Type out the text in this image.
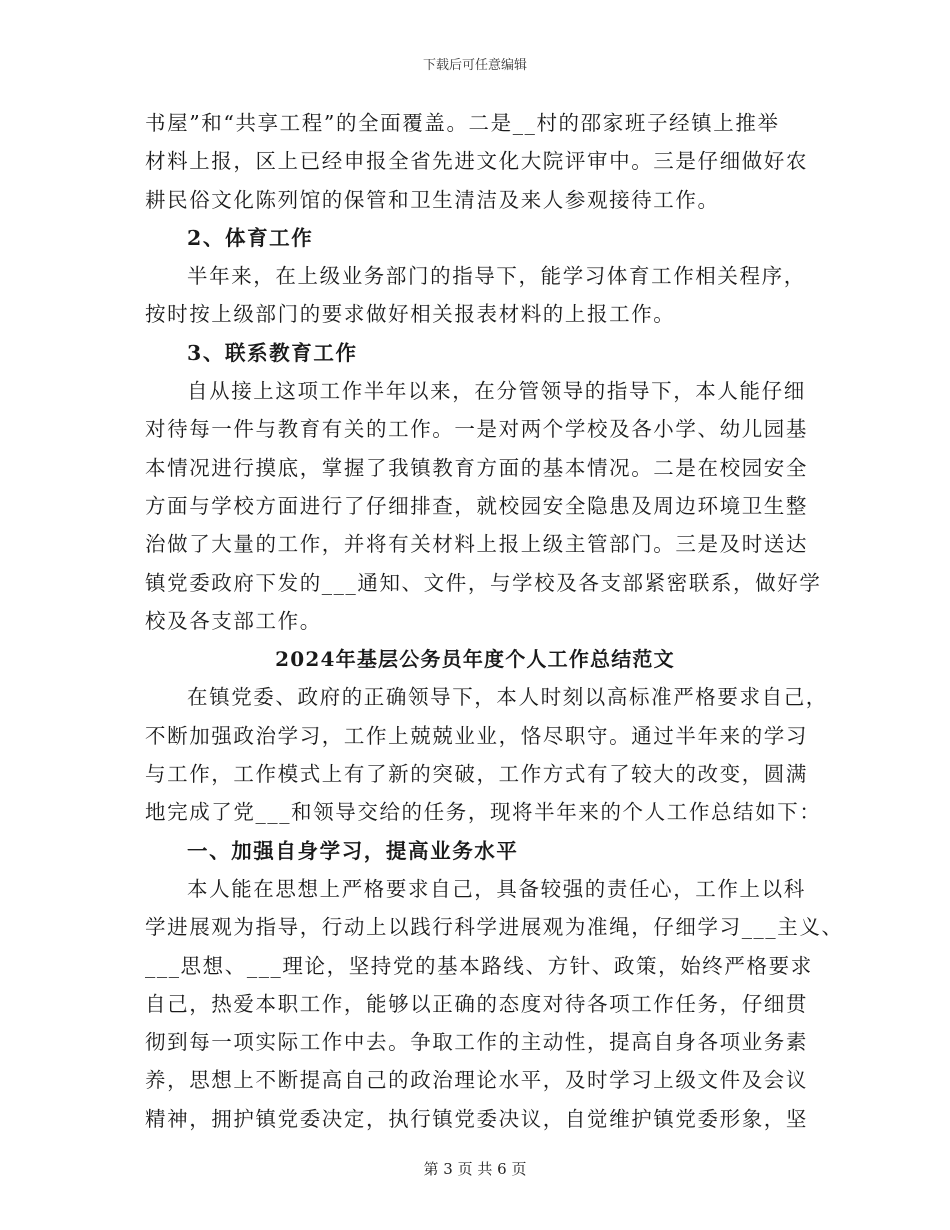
下载后可任意编辑
书屋”和“共享工程”的全面覆盖。二是__村的邵家班子经镇上推举
材料上报，区上已经申报全省先进文化大院评审中。三是仔细做好农
耕民俗文化陈列馆的保管和卫生清洁及来人参观接待工作。
2、体育工作
半年来，在上级业务部门的指导下，能学习体育工作相关程序，
按时按上级部门的要求做好相关报表材料的上报工作。
3、联系教育工作
自从接上这项工作半年以来，在分管领导的指导下，本人能仔细
对待每一件与教育有关的工作。一是对两个学校及各小学、幼儿园基
本情况进行摸底，掌握了我镇教育方面的基本情况。二是在校园安全
方面与学校方面进行了仔细排查，就校园安全隐患及周边环境卫生整
治做了大量的工作，并将有关材料上报上级主管部门。三是及时送达
镇党委政府下发的___通知、文件，与学校及各支部紧密联系，做好学
校及各支部工作。
2024年基层公务员年度个人工作总结范文
在镇党委、政府的正确领导下，本人时刻以高标准严格要求自己，
不断加强政治学习，工作上兢兢业业，恪尽职守。通过半年来的学习
与工作，工作模式上有了新的突破，工作方式有了较大的改变，圆满
地完成了党___和领导交给的任务，现将半年来的个人工作总结如下：
一、加强自身学习，提高业务水平
本人能在思想上严格要求自己，具备较强的责任心，工作上以科
学进展观为指导，行动上以践行科学进展观为准绳，仔细学习___主义、
___思想、___理论，坚持党的基本路线、方针、政策，始终严格要求
自己，热爱本职工作，能够以正确的态度对待各项工作任务，仔细贯
彻到每一项实际工作中去。争取工作的主动性，提高自身各项业务素
养，思想上不断提高自己的政治理论水平，及时学习上级文件及会议
精神，拥护镇党委决定，执行镇党委决议，自觉维护镇党委形象，坚
第 3 页 共 6 页
